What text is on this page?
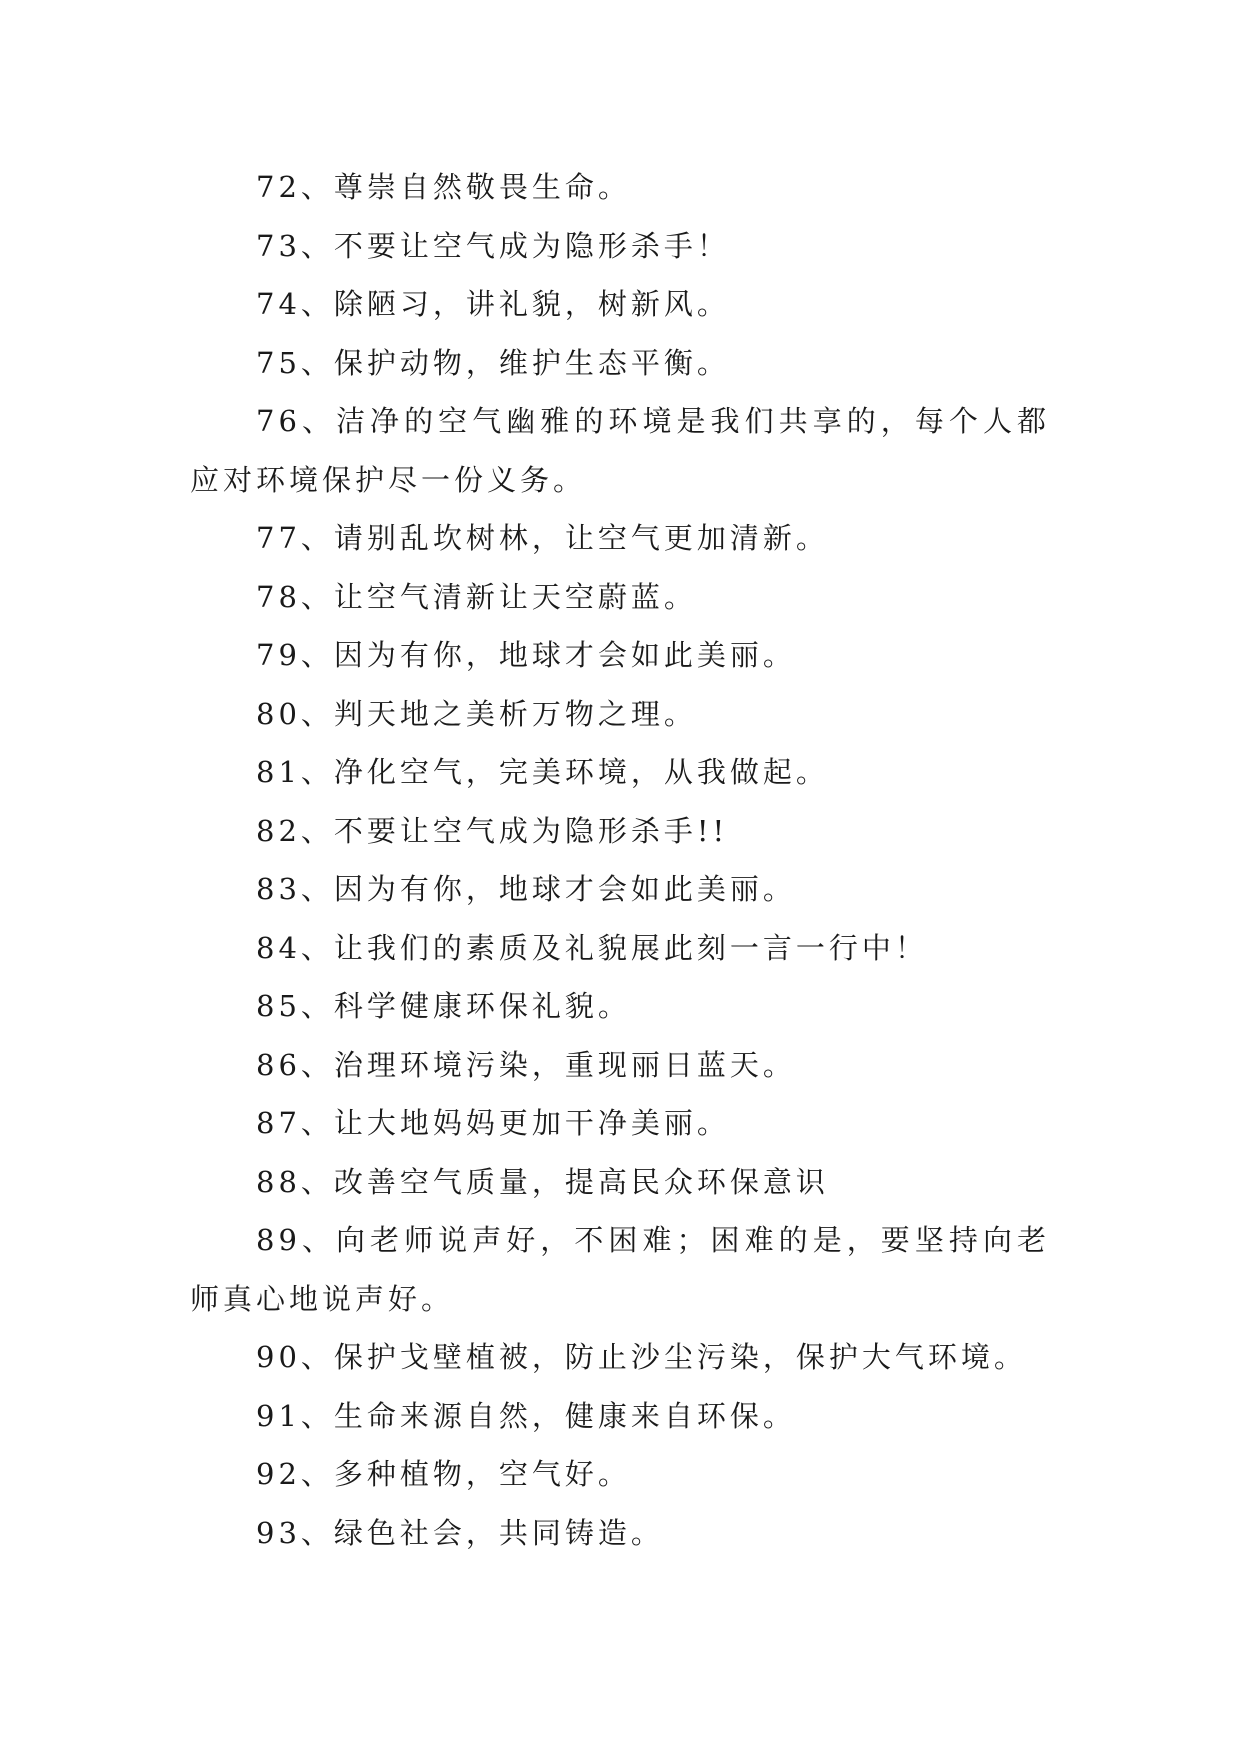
72、尊崇自然敬畏生命。

73、不要让空气成为隐形杀手！

74、除陋习，讲礼貌，树新风。

75、保护动物，维护生态平衡。

76、洁净的空气幽雅的环境是我们共享的，每个人都应对环境保护尽一份义务。

77、请别乱坎树林，让空气更加清新。

78、让空气清新让天空蔚蓝。

79、因为有你，地球才会如此美丽。

80、判天地之美析万物之理。

81、净化空气，完美环境，从我做起。

82、不要让空气成为隐形杀手!!

83、因为有你，地球才会如此美丽。

84、让我们的素质及礼貌展此刻一言一行中！

85、科学健康环保礼貌。

86、治理环境污染，重现丽日蓝天。

87、让大地妈妈更加干净美丽。

88、改善空气质量，提高民众环保意识

89、向老师说声好，不困难；困难的是，要坚持向老师真心地说声好。

90、保护戈壁植被，防止沙尘污染，保护大气环境。

91、生命来源自然，健康来自环保。

92、多种植物，空气好。

93、绿色社会，共同铸造。
